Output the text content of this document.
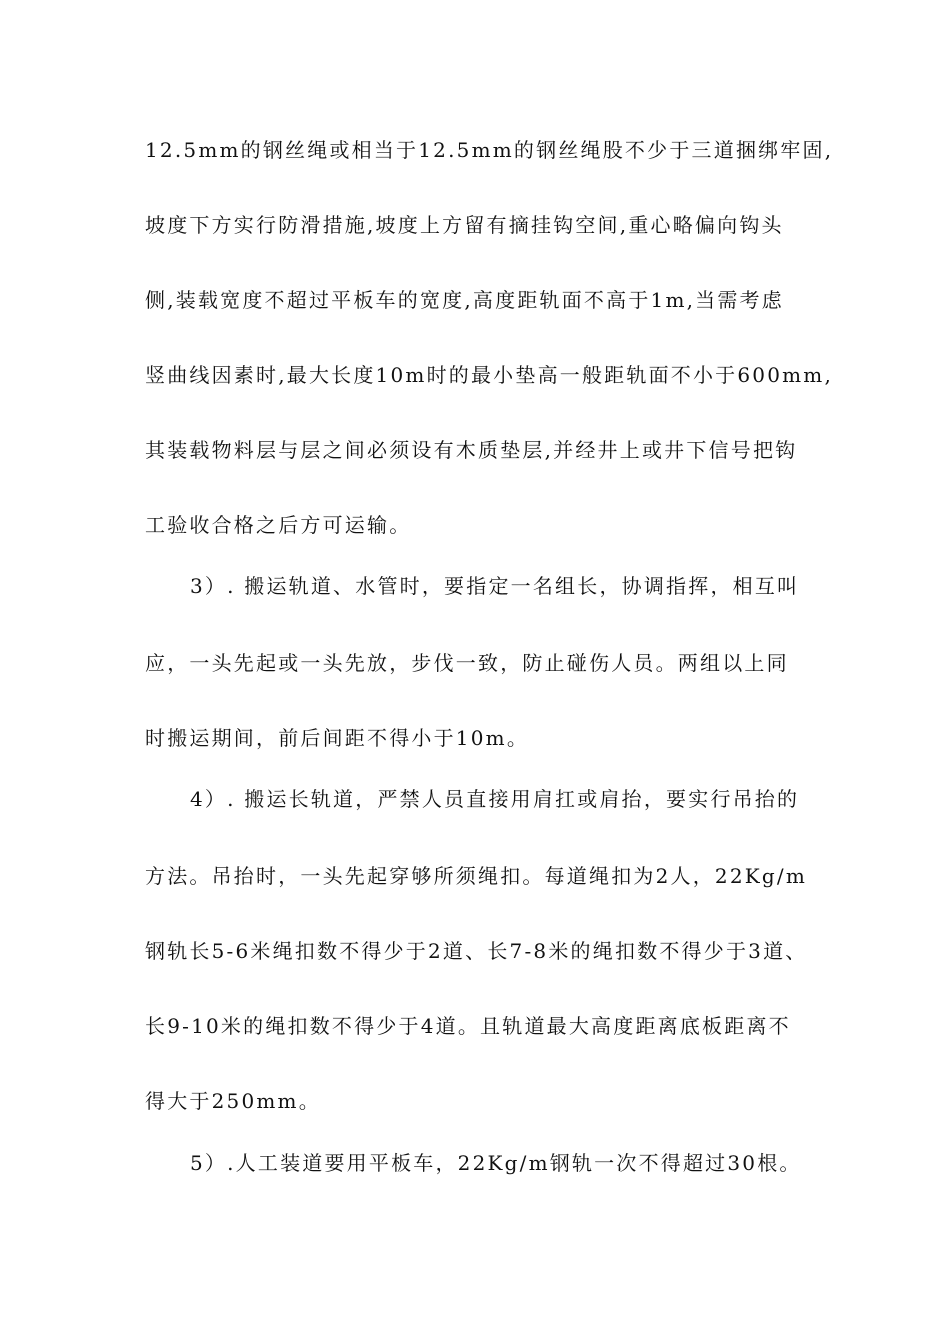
12.5mm的钢丝绳或相当于12.5mm的钢丝绳股不少于三道捆绑牢固,
坡度下方实行防滑措施,坡度上方留有摘挂钩空间,重心略偏向钩头
侧,装载宽度不超过平板车的宽度,高度距轨面不高于1m,当需考虑
竖曲线因素时,最大长度10m时的最小垫高一般距轨面不小于600mm,
其装载物料层与层之间必须设有木质垫层,并经井上或井下信号把钩
工验收合格之后方可运输。
3）. 搬运轨道、水管时，要指定一名组长，协调指挥，相互叫
应，一头先起或一头先放，步伐一致，防止碰伤人员。两组以上同
时搬运期间，前后间距不得小于10m。
4）. 搬运长轨道，严禁人员直接用肩扛或肩抬，要实行吊抬的
方法。吊抬时，一头先起穿够所须绳扣。每道绳扣为2人，22Kg/m
钢轨长5-6米绳扣数不得少于2道、长7-8米的绳扣数不得少于3道、
长9-10米的绳扣数不得少于4道。且轨道最大高度距离底板距离不
得大于250mm。
5）.人工装道要用平板车，22Kg/m钢轨一次不得超过30根。
